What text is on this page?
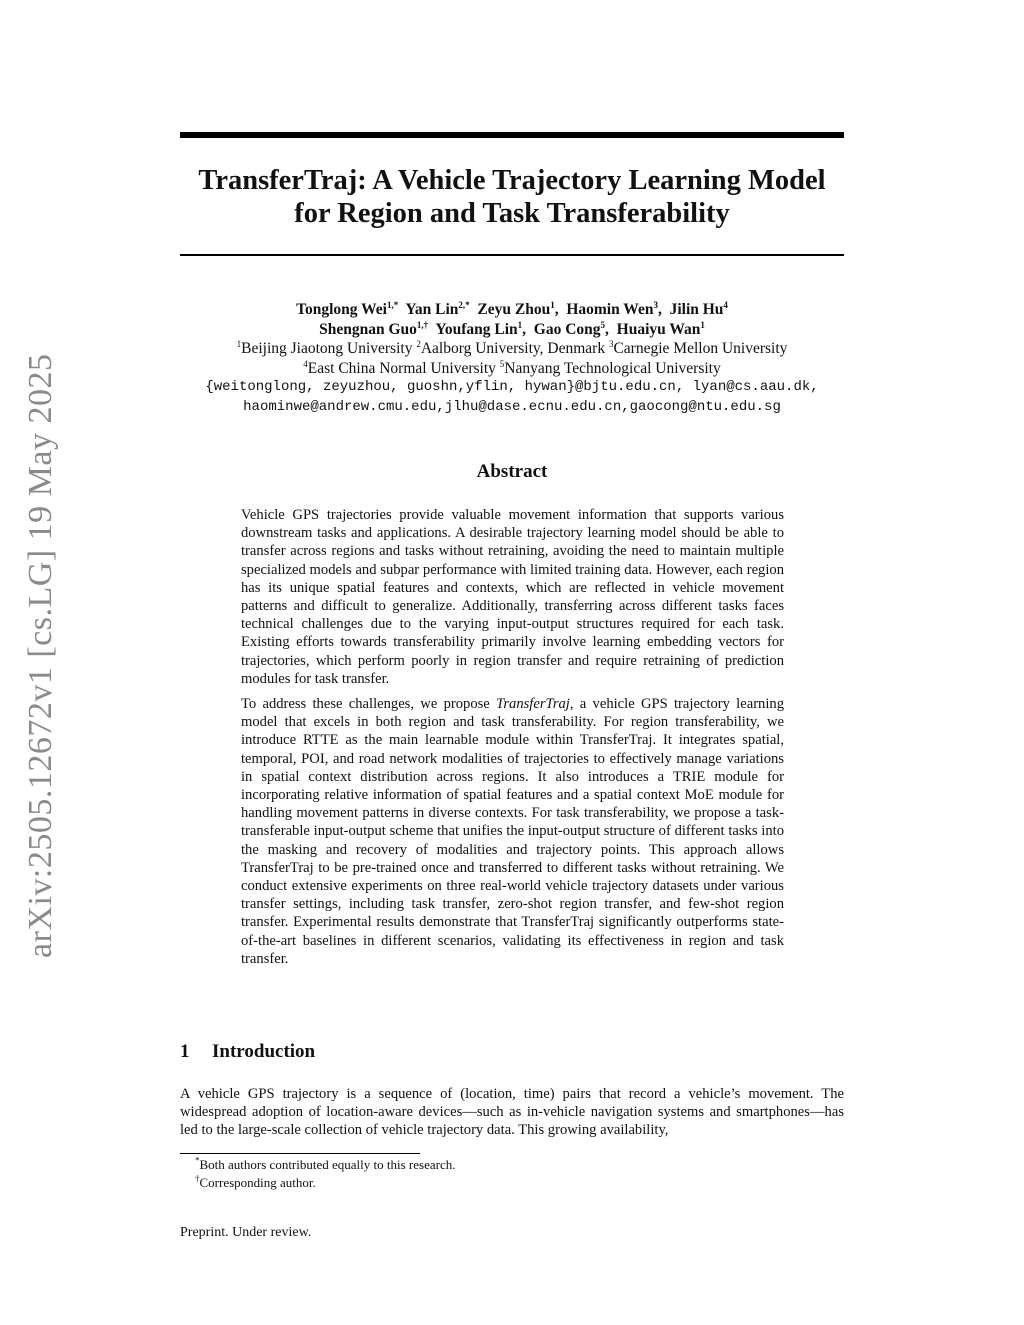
arXiv:2505.12672v1 [cs.LG] 19 May 2025
TransferTraj: A Vehicle Trajectory Learning Model
for Region and Task Transferability
Tonglong Wei$^{1,*}$ Yan Lin$^{2,*}$ Zeyu Zhou$^1$,  Haomin Wen$^3$,  Jilin Hu$^4$
Shengnan Guo$^{1,\dagger}$ Youfang Lin$^1$,  Gao Cong$^5$,  Huaiyu Wan$^1$
$^1$Beijing Jiaotong University $^2$Aalborg University, Denmark $^3$Carnegie Mellon University
$^4$East China Normal University $^5$Nanyang Technological University
{weitonglong, zeyuzhou, guoshn,yflin, hywan}@bjtu.edu.cn, lyan@cs.aau.dk,
haominwe@andrew.cmu.edu,jlhu@dase.ecnu.edu.cn,gaocong@ntu.edu.sg
Abstract

Vehicle GPS trajectories provide valuable movement information that supports various downstream tasks and applications. A desirable trajectory learning model should be able to transfer across regions and tasks without retraining, avoiding the need to maintain multiple specialized models and subpar performance with limited training data. However, each region has its unique spatial features and contexts, which are reflected in vehicle movement patterns and difficult to generalize. Additionally, transferring across different tasks faces technical challenges due to the varying input-output structures required for each task. Existing efforts towards transferability primarily involve learning embedding vectors for trajectories, which perform poorly in region transfer and require retraining of prediction modules for task transfer.

To address these challenges, we propose TransferTraj, a vehicle GPS trajectory learning model that excels in both region and task transferability. For region transferability, we introduce RTTE as the main learnable module within TransferTraj. It integrates spatial, temporal, POI, and road network modalities of trajectories to effectively manage variations in spatial context distribution across regions. It also introduces a TRIE module for incorporating relative information of spatial features and a spatial context MoE module for handling movement patterns in diverse contexts. For task transferability, we propose a task-transferable input-output scheme that unifies the input-output structure of different tasks into the masking and recovery of modalities and trajectory points. This approach allows TransferTraj to be pre-trained once and transferred to different tasks without retraining. We conduct extensive experiments on three real-world vehicle trajectory datasets under various transfer settings, including task transfer, zero-shot region transfer, and few-shot region transfer. Experimental results demonstrate that TransferTraj significantly outperforms state-of-the-art baselines in different scenarios, validating its effectiveness in region and task transfer.

1 Introduction

A vehicle GPS trajectory is a sequence of (location, time) pairs that record a vehicle’s movement. The widespread adoption of location-aware devices—such as in-vehicle navigation systems and smartphones—has led to the large-scale collection of vehicle trajectory data. This growing availability,

*Both authors contributed equally to this research.
†Corresponding author.
Preprint. Under review.
